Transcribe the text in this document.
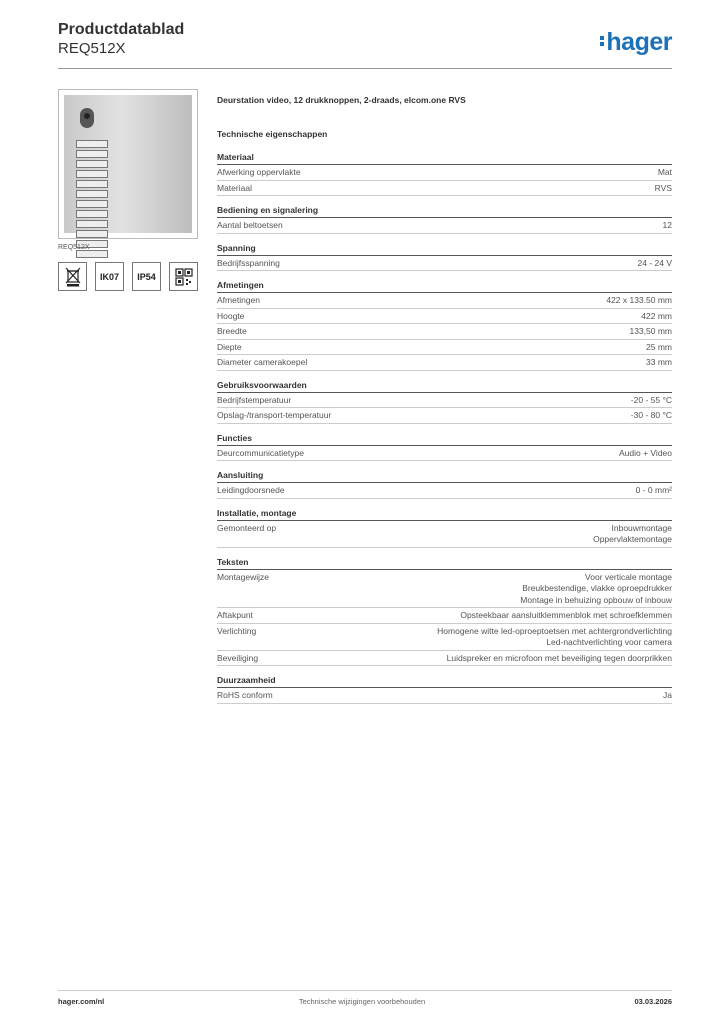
Productdatablad
REQ512X	hager
REQ512X
IK07	IP54
Deurstation video, 12 drukknoppen, 2-draads, elcom.one RVS
Technische eigenschappen
Materiaal
Afwerking oppervlakte	Mat
Materiaal	RVS
Bediening en signalering
Aantal beltoetsen	12
Spanning
Bedrijfsspanning	24 - 24 V
Afmetingen
Afmetingen	422 x 133.50 mm
Hoogte	422 mm
Breedte	133,50 mm
Diepte	25 mm
Diameter camerakoepel	33 mm
Gebruiksvoorwaarden
Bedrijfstemperatuur	-20 - 55 °C
Opslag-/transport-temperatuur	-30 - 80 °C
Functies
Deurcommunicatietype	Audio + Video
Aansluiting
Leidingdoorsnede	0 - 0 mm²
Installatie, montage
Gemonteerd op	Inbouwmontage
Oppervlaktemontage
Teksten
Montagewijze	Voor verticale montage
Breukbestendige, vlakke oproepdrukker
Montage in behuizing opbouw of inbouw
Aftakpunt	Opsteekbaar aansluitklemmenblok met schroefklemmen
Verlichting	Homogene witte led-oproeptoetsen met achtergrondverlichting
Led-nachtverlichting voor camera
Beveiliging	Luidspreker en microfoon met beveiliging tegen doorprikken
Duurzaamheid
RoHS conform	Ja
hager.com/nl	Technische wijzigingen voorbehouden	03.03.2026
